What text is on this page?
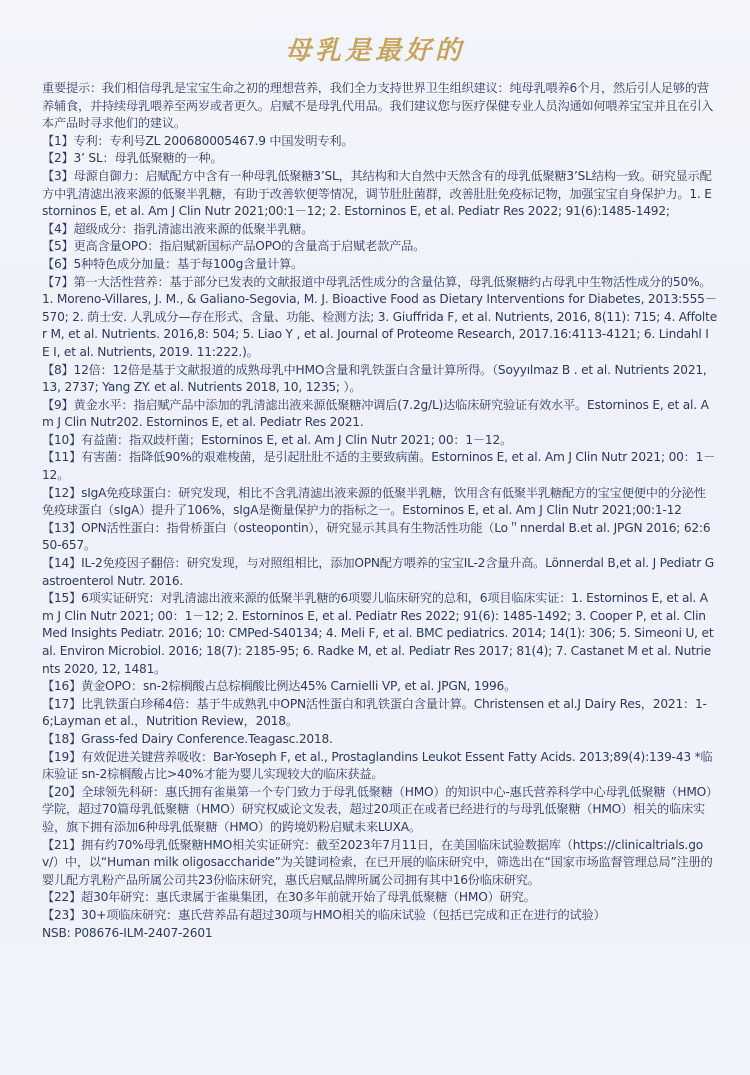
母乳是最好的

重要提示：我们相信母乳是宝宝生命之初的理想营养，我们全力支持世界卫生组织建议：纯母乳喂养6个月，然后引人足够的营养辅食，并持续母乳喂养至两岁或者更久。启赋不是母乳代用品。我们建议您与医疗保健专业人员沟通如何喂养宝宝并且在引入本产品时寻求他们的建议。

【1】专利：专利号ZL 200680005467.9 中国发明专利。

【2】3’ SL：母乳低聚糖的一种。

【3】母源自御力：启赋配方中含有一种母乳低聚糖3’SL，其结构和大自然中天然含有的母乳低聚糖3’SL结构一致。研究显示配方中乳清滤出液来源的低聚半乳糖，有助于改善软便等情况，调节肚肚菌群，改善肚肚免疫标记物，加强宝宝自身保护力。1. Estorninos E, et al. Am J Clin Nutr 2021;00:1－12; 2. Estorninos E, et al. Pediatr Res 2022; 91(6):1485-1492;

【4】超级成分：指乳清滤出液来源的低聚半乳糖。

【5】更高含量OPO：指启赋新国标产品OPO的含量高于启赋老款产品。

【6】5种特色成分加量：基于每100g含量计算。

【7】第一大活性营养：基于部分已发表的文献报道中母乳活性成分的含量估算，母乳低聚糖约占母乳中生物活性成分的50%。1. Moreno-Villares, J. M., & Galiano-Segovia, M. J. Bioactive Food as Dietary Interventions for Diabetes, 2013:555－570; 2. 荫士安. 人乳成分—存在形式、含量、功能、检测方法; 3. Giuffrida F, et al. Nutrients, 2016, 8(11): 715; 4. Affolter M, et al. Nutrients. 2016,8: 504; 5. Liao Y , et al. Journal of Proteome Research, 2017.16:4113-4121; 6. Lindahl I E I, et al. Nutrients, 2019. 11:222.)。

【8】12倍：12倍是基于文献报道的成熟母乳中HMO含量和乳铁蛋白含量计算所得。（Soyyılmaz B . et al. Nutrients 2021, 13, 2737; Yang ZY. et al. Nutrients 2018, 10, 1235; ）。

【9】黄金水平：指启赋产品中添加的乳清滤出液来源低聚糖冲调后(7.2g/L)达临床研究验证有效水平。Estorninos E, et al. Am J Clin Nutr202. Estorninos E, et al. Pediatr Res 2021.

【10】有益菌：指双歧杆菌；Estorninos E, et al. Am J Clin Nutr 2021; 00：1－12。

【11】有害菌：指降低90%的艰难梭菌，是引起肚肚不适的主要致病菌。Estorninos E, et al. Am J Clin Nutr 2021; 00：1－12。

【12】sIgA免疫球蛋白：研究发现，相比不含乳清滤出液来源的低聚半乳糖，饮用含有低聚半乳糖配方的宝宝便便中的分泌性免疫球蛋白（sIgA）提升了106%，sIgA是衡量保护力的指标之一。Estorninos E, et al. Am J Clin Nutr 2021;00:1-12

【13】OPN活性蛋白：指骨桥蛋白（osteopontin），研究显示其具有生物活性功能（Lo＂nnerdal B.et al. JPGN 2016; 62:650-657。

【14】IL-2免疫因子翻倍：研究发现，与对照组相比，添加OPN配方喂养的宝宝IL-2含量升高。Lönnerdal B,et al. J Pediatr Gastroenterol Nutr. 2016.

【15】6项实证研究：对乳清滤出液来源的低聚半乳糖的6项婴儿临床研究的总和，6项目临床实证：1. Estorninos E, et al. Am J Clin Nutr 2021; 00：1－12; 2. Estorninos E, et al. Pediatr Res 2022; 91(6): 1485-1492; 3. Cooper P, et al. Clin Med Insights Pediatr. 2016; 10: CMPed-S40134; 4. Meli F, et al. BMC pediatrics. 2014; 14(1): 306; 5. Simeoni U, et al. Environ Microbiol. 2016; 18(7): 2185-95; 6. Radke M, et al. Pediatr Res 2017; 81(4); 7. Castanet M et al. Nutrients 2020, 12, 1481。

【16】黄金OPO：sn-2棕榈酸占总棕榈酸比例达45% Carnielli VP, et al. JPGN, 1996。

【17】比乳铁蛋白珍稀4倍：基于牛成熟乳中OPN活性蛋白和乳铁蛋白含量计算。Christensen et al.J Dairy Res，2021：1-6;Layman et al.，Nutrition Review，2018。

【18】Grass-fed Dairy Conference.Teagasc.2018.

【19】有效促进关键营养吸收：Bar-Yoseph F, et al., Prostaglandins Leukot Essent Fatty Acids. 2013;89(4):139-43 *临床验证 sn-2棕榈酸占比>40%才能为婴儿实现较大的临床获益。

【20】全球领先科研：惠氏拥有雀巢第一个专门致力于母乳低聚糖（HMO）的知识中心-惠氏营养科学中心母乳低聚糖（HMO）学院，超过70篇母乳低聚糖（HMO）研究权威论文发表，超过20项正在或者已经进行的与母乳低聚糖（HMO）相关的临床实验，旗下拥有添加6种母乳低聚糖（HMO）的跨境奶粉启赋未来LUXA。

【21】拥有约70%母乳低聚糖HMO相关实证研究：截至2023年7月11日，在美国临床试验数据库（https://clinicaltrials.gov/）中，以“Human milk oligosaccharide”为关键词检索，在已开展的临床研究中，筛选出在“国家市场监督管理总局”注册的婴儿配方乳粉产品所属公司共23份临床研究，惠氏启赋品牌所属公司拥有其中16份临床研究。

【22】超30年研究：惠氏隶属于雀巢集团，在30多年前就开始了母乳低聚糖（HMO）研究。

【23】30+项临床研究：惠氏营养品有超过30项与HMO相关的临床试验（包括已完成和正在进行的试验）

NSB: P08676-ILM-2407-2601
